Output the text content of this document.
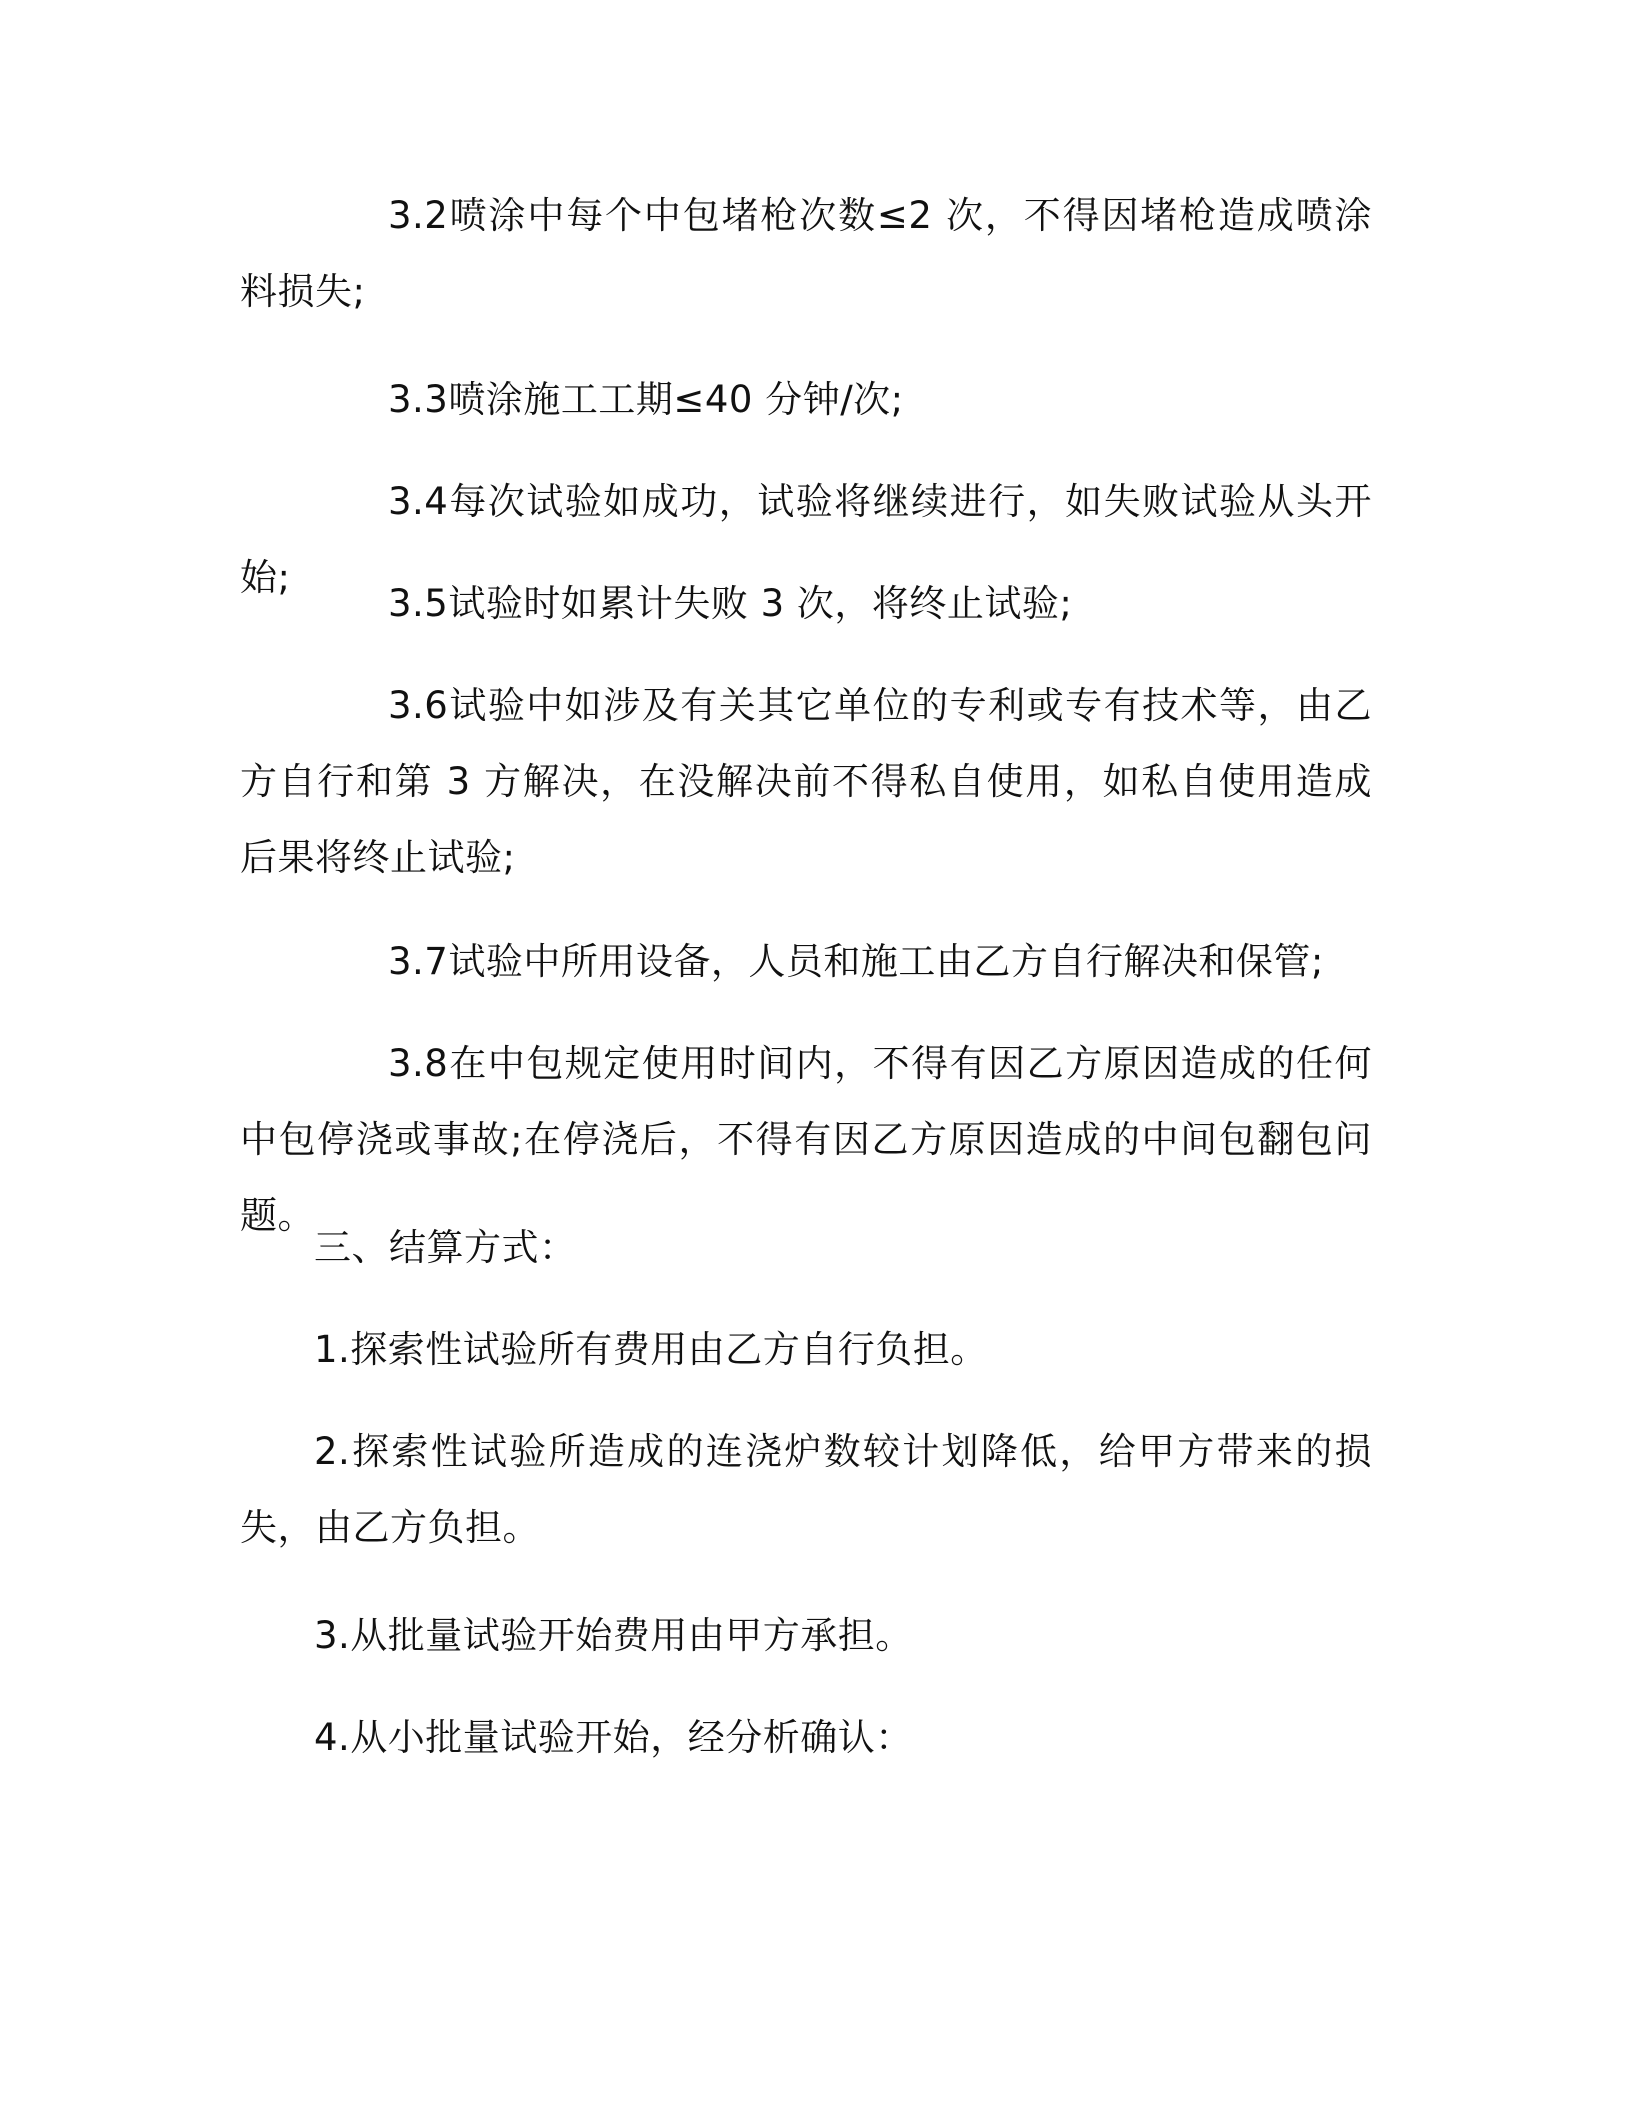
3.2喷涂中每个中包堵枪次数≤2 次，不得因堵枪造成喷涂料损失;

3.3喷涂施工工期≤40 分钟/次;

3.4每次试验如成功，试验将继续进行，如失败试验从头开始;

3.5试验时如累计失败 3 次，将终止试验;

3.6试验中如涉及有关其它单位的专利或专有技术等，由乙方自行和第 3 方解决，在没解决前不得私自使用，如私自使用造成后果将终止试验;

3.7试验中所用设备，人员和施工由乙方自行解决和保管;

3.8在中包规定使用时间内，不得有因乙方原因造成的任何中包停浇或事故;在停浇后，不得有因乙方原因造成的中间包翻包问题。

三、结算方式：

1.探索性试验所有费用由乙方自行负担。

2.探索性试验所造成的连浇炉数较计划降低，给甲方带来的损失，由乙方负担。

3.从批量试验开始费用由甲方承担。

4.从小批量试验开始，经分析确认：
